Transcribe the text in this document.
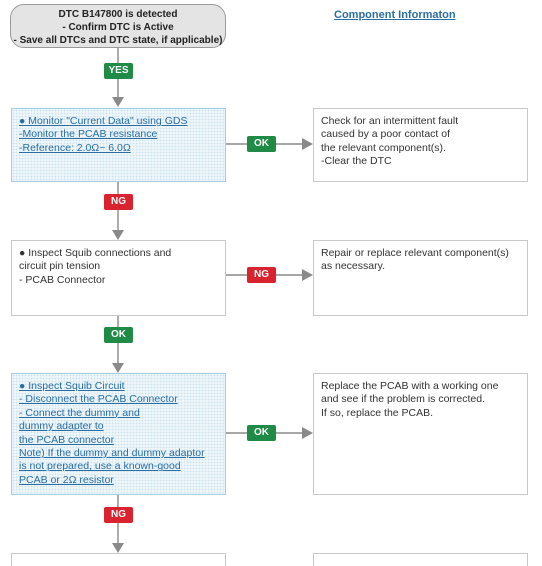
DTC B147800 is detected
- Confirm DTC is Active
- Save all DTCs and DTC state, if applicable)
Component Informaton
YES
NG
OK
NG
● Monitor "Current Data" using GDS
-Monitor the PCAB resistance
-Reference: 2.0Ω~ 6.0Ω	OK
Check for an intermittent fault
caused by a poor contact of
the relevant component(s).
-Clear the DTC
● Inspect Squib connections and
circuit pin tension
- PCAB Connector	NG
Repair or replace relevant component(s)
as necessary.
● Inspect Squib Circuit
- Disconnect the PCAB Connector
- Connect the dummy and
dummy adapter to
the PCAB connector
Note) If the dummy and dummy adaptor
is not prepared, use a known-good
PCAB or 2Ω resistor
OK
Replace the PCAB with a working one
and see if the problem is corrected.
If so, replace the PCAB.
